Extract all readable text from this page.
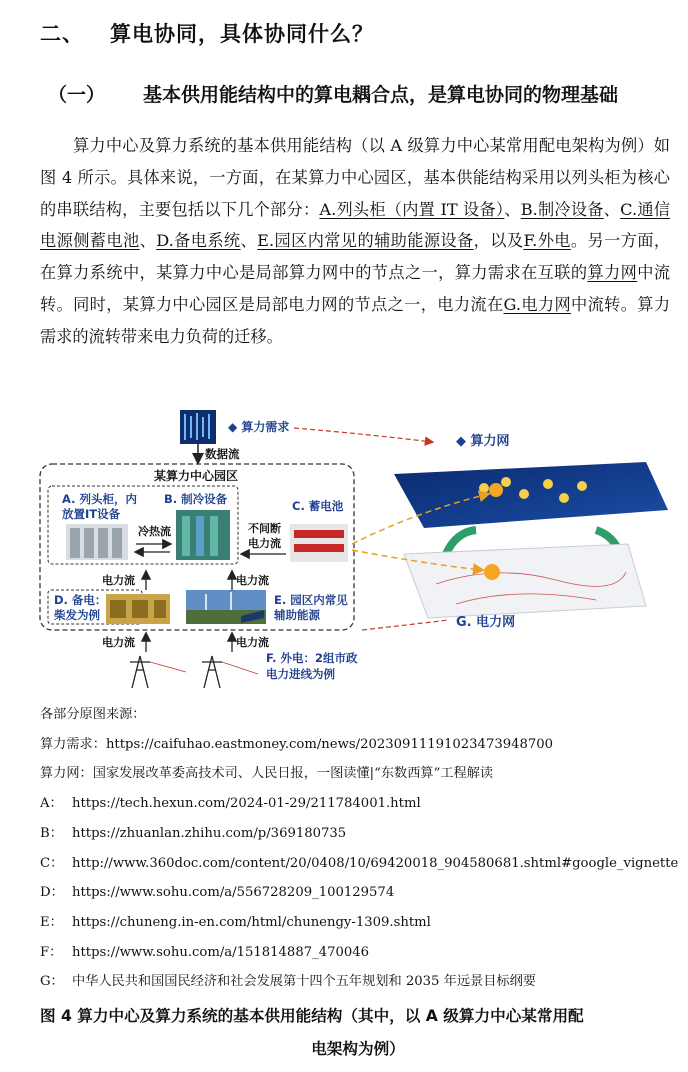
二、 算电协同，具体协同什么？
（一） 基本供用能结构中的算电耦合点，是算电协同的物理基础

算力中心及算力系统的基本供用能结构（以 A 级算力中心某常用配电架构为例）如图 4 所示。具体来说，一方面，在某算力中心园区，基本供能结构采用以列头柜为核心的串联结构，主要包括以下几个部分：A.列头柜（内置 IT 设备）、B.制冷设备、C.通信电源侧蓄电池、D.备电系统、E.园区内常见的辅助能源设备，以及F.外电。另一方面，在算力系统中，某算力中心是局部算力网中的节点之一，算力需求在互联的算力网中流转。同时，某算力中心园区是局部电力网的节点之一，电力流在G.电力网中流转。算力需求的流转带来电力负荷的迁移。

◆ 算力需求
数据流
某算力中心园区
A. 列头柜，内
放置IT设备
B. 制冷设备
冷热流
C. 蓄电池
不间断
电力流
电力流	电力流
D. 备电：
柴发为例
E. 园区内常见
辅助能源
电力流	电力流
F. 外电：2组市政
电力进线为例
◆ 算力网
G. 电力网
各部分原图来源：
算力需求：https://caifuhao.eastmoney.com/news/20230911191023473948700
算力网：国家发展改革委高技术司、人民日报，一图读懂|“东数西算”工程解读
A： https://tech.hexun.com/2024-01-29/211784001.html
B： https://zhuanlan.zhihu.com/p/369180735
C： http://www.360doc.com/content/20/0408/10/69420018_904580681.shtml#google_vignette
D： https://www.sohu.com/a/556728209_100129574
E： https://chuneng.in-en.com/html/chunengy-1309.shtml
F： https://www.sohu.com/a/151814887_470046
G： 中华人民共和国国民经济和社会发展第十四个五年规划和 2035 年远景目标纲要
图 4 算力中心及算力系统的基本供用能结构（其中，以 A 级算力中心某常用配
电架构为例）
